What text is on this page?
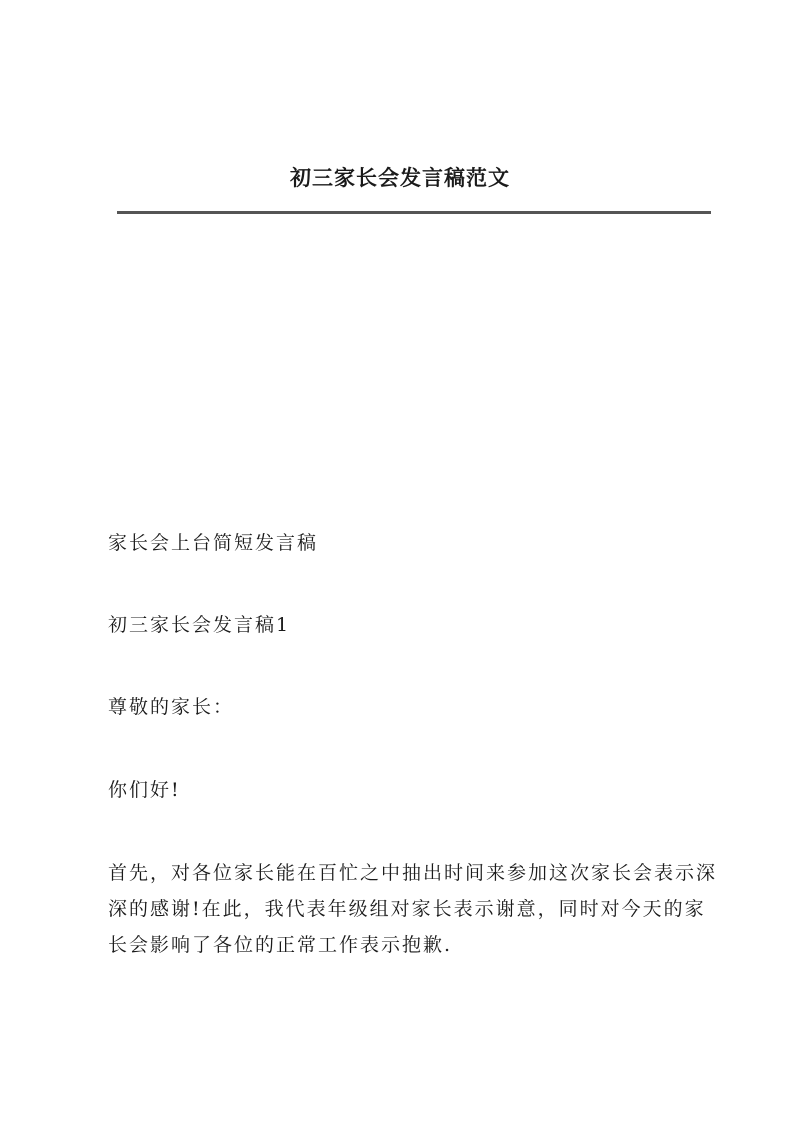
初三家长会发言稿范文

家长会上台简短发言稿

初三家长会发言稿1

尊敬的家长：

你们好!

首先，对各位家长能在百忙之中抽出时间来参加这次家长会表示深深的感谢!在此，我代表年级组对家长表示谢意，同时对今天的家长会影响了各位的正常工作表示抱歉.
